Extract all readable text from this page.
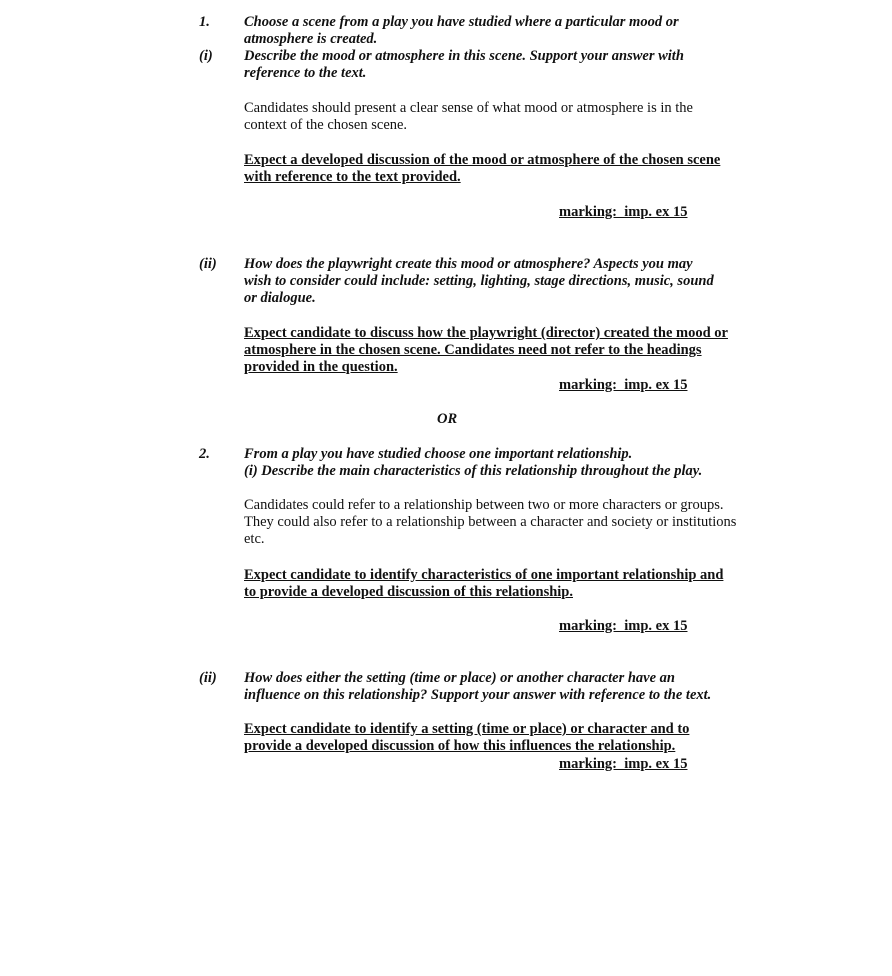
1. Choose a scene from a play you have studied where a particular mood or atmosphere is created.
(i) Describe the mood or atmosphere in this scene. Support your answer with reference to the text.
Candidates should present a clear sense of what mood or atmosphere is in the context of the chosen scene.
Expect a developed discussion of the mood or atmosphere of the chosen scene with reference to the text provided.
marking:  imp. ex 15
(ii) How does the playwright create this mood or atmosphere? Aspects you may wish to consider could include: setting, lighting, stage directions, music, sound or dialogue.
Expect candidate to discuss how the playwright (director) created the mood or atmosphere in the chosen scene. Candidates need not refer to the headings provided in the question.
marking:  imp. ex 15
OR
2. From a play you have studied choose one important relationship.
(i) Describe the main characteristics of this relationship throughout the play.
Candidates could refer to a relationship between two or more characters or groups. They could also refer to a relationship between a character and society or institutions etc.
Expect candidate to identify characteristics of one important relationship and to provide a developed discussion of this relationship.
marking:  imp. ex 15
(ii) How does either the setting (time or place) or another character have an influence on this relationship? Support your answer with reference to the text.
Expect candidate to identify a setting (time or place) or character and to provide a developed discussion of how this influences the relationship.
marking:  imp. ex 15
